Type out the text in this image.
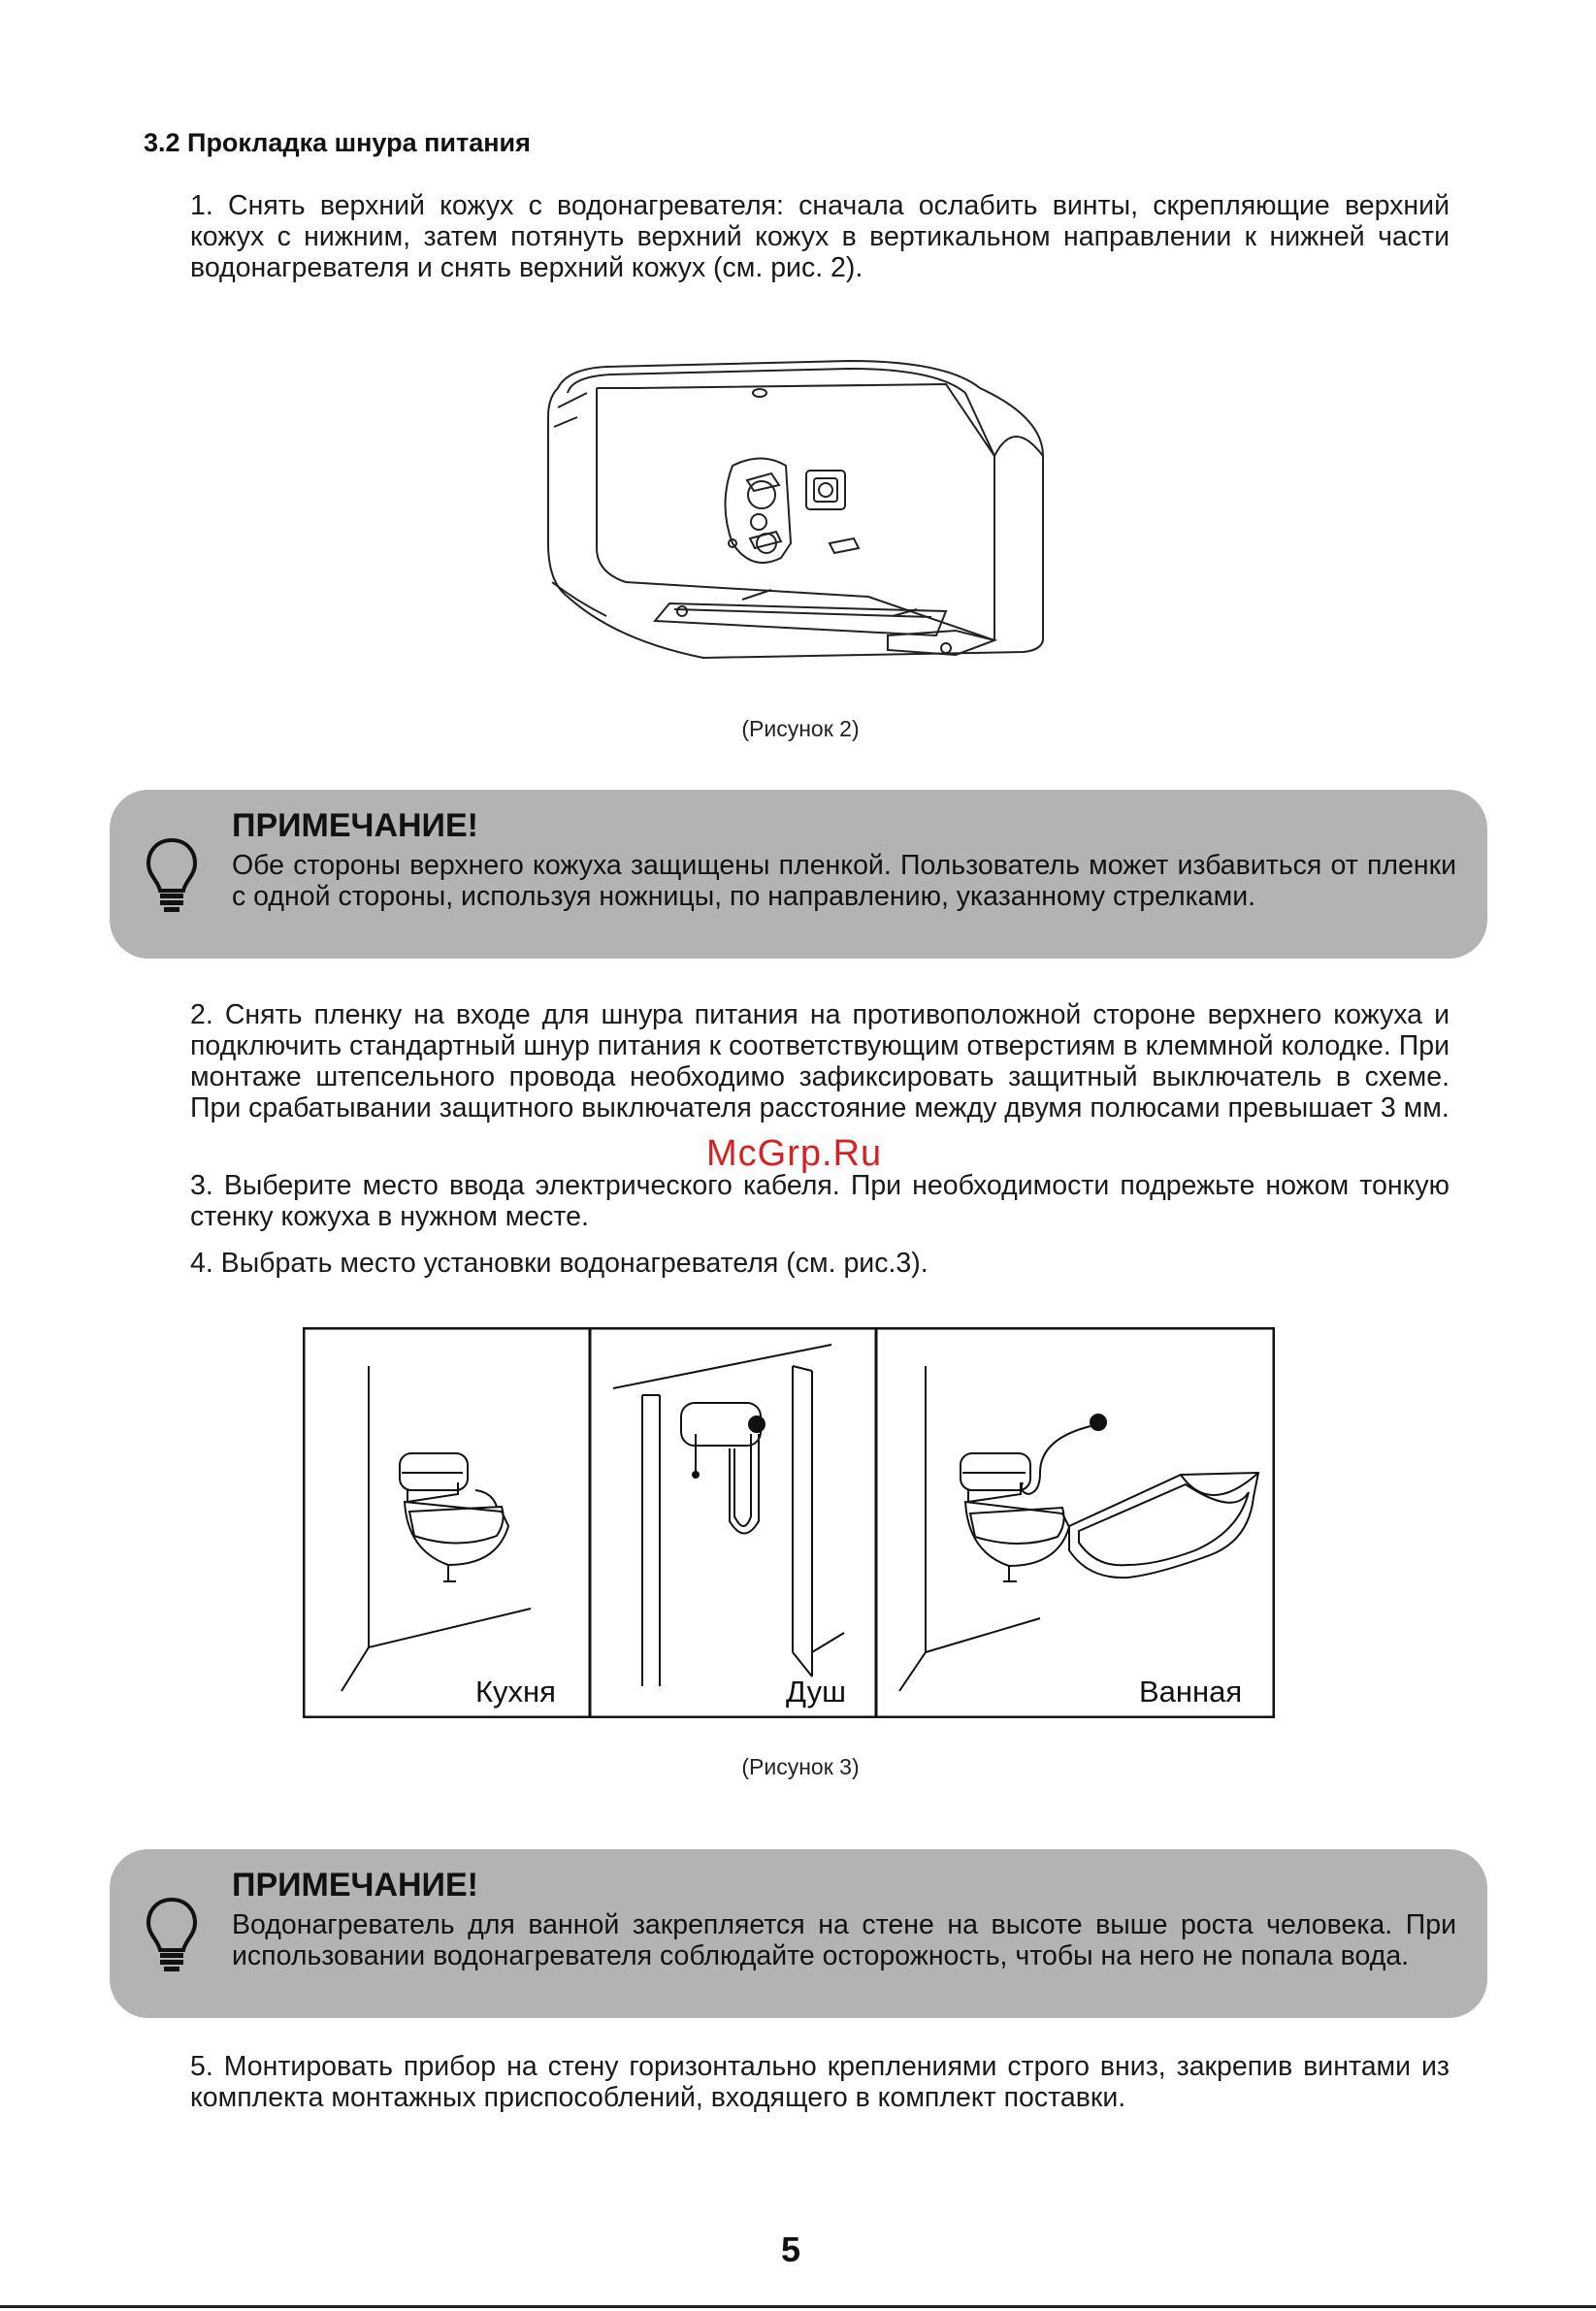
3.2 Прокладка шнура питания
1. Снять верхний кожух с водонагревателя: сначала ослабить винты, скрепляющие верхний кожух с нижним, затем потянуть верхний кожух в вертикальном направлении к нижней части водонагревателя и снять верхний кожух (см. рис. 2).
(Рисунок 2)
ПРИМЕЧАНИЕ!
Обе стороны верхнего кожуха защищены пленкой. Пользователь может избавиться от пленки с одной стороны, используя ножницы, по направлению, указанному стрелками.
2. Снять пленку на входе для шнура питания на противоположной стороне верхнего кожуха и подключить стандартный шнур питания к соответствующим отверстиям в клеммной колодке. При монтаже штепсельного провода необходимо зафиксировать защитный выключатель в схеме. При срабатывании защитного выключателя расстояние между двумя полюсами превышает 3 мм.
3. Выберите место ввода электрического кабеля. При необходимости подрежьте ножом тонкую стенку кожуха в нужном месте.
4. Выбрать место установки водонагревателя (см. рис.3).
McGrp.Ru
Кухня	Душ	Ванная
(Рисунок 3)
ПРИМЕЧАНИЕ!
Водонагреватель для ванной закрепляется на стене на высоте выше роста человека. При использовании водонагревателя соблюдайте осторожность, чтобы на него не попала вода.
5. Монтировать прибор на стену горизонтально креплениями строго вниз, закрепив винтами из комплекта монтажных приспособлений, входящего в комплект поставки.
5
